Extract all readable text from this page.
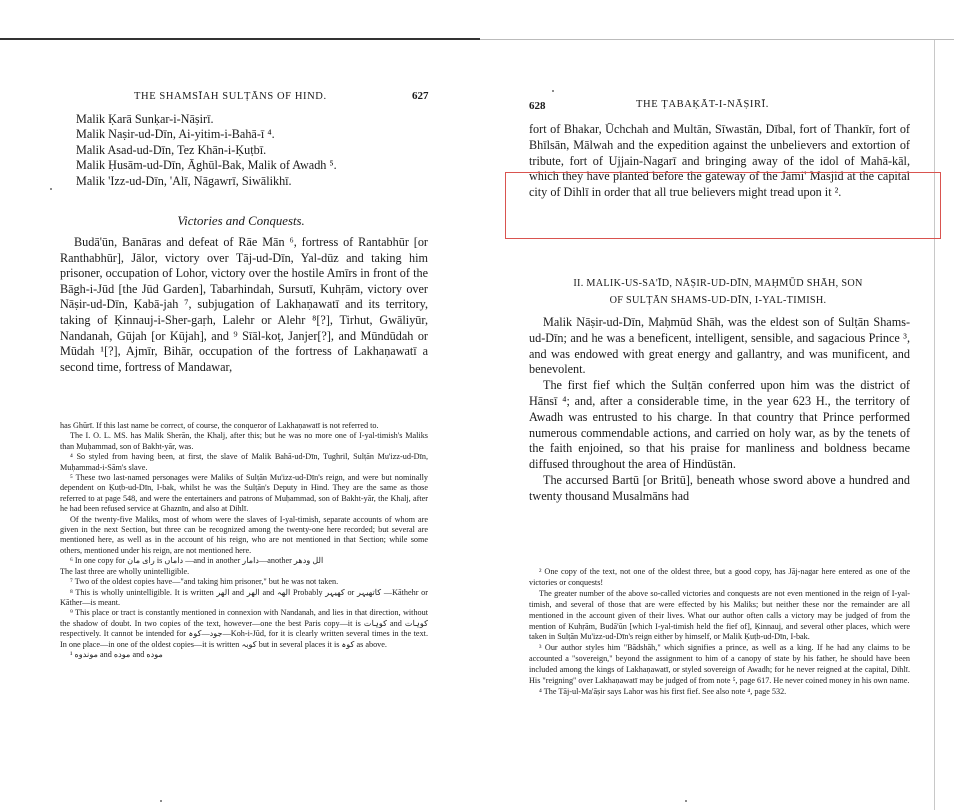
THE SHAMSĪAH SULṬĀNS OF HIND.	627
Malik Ḳarā Sunḳar-i-Nāṣirī.
Malik Naṣir-ud-Dīn, Ai-yitim-i-Bahā-ī ⁴.
Malik Asad-ud-Dīn, Tez Khān-i-Ḳuṭbī.
Malik Ḥusām-ud-Dīn, Āghūl-Bak, Malik of Awadh ⁵.
Malik 'Izz-ud-Dīn, 'Alī, Nāgawrī, Siwālikhī.
Victories and Conquests.

Budā'ūn, Banāras and defeat of Rāe Mān ⁶, fortress of Rantabhūr [or Ranthabhūr], Jālor, victory over Tāj-ud-Dīn, Yal-dūz and taking him prisoner, occupation of Lohor, victory over the hostile Amīrs in front of the Bāgh-i-Jūd [the Jūd Garden], Tabarhindah, Sursutī, Kuhṛām, victory over Nāṣir-ud-Dīn, Ḳabā-jah ⁷, subjugation of Lakhaṇawatī and its territory, taking of Ḳinnauj-i-Sher-gaṛh, Lalehr or Alehr ⁸[?], Tirhut, Gwāliyūr, Nandanah, Gūjah [or Kūjah], and ⁹ Sīāl-koṭ, Janjer[?], and Mūndūdah or Mūdah ¹[?], Ajmīr, Bihār, occupation of the fortress of Lakhaṇawatī a second time, fortress of Mandawar,

has Ghūrī. If this last name be correct, of course, the conqueror of Lakhaṇawatī is not referred to.

The I. O. L. MS. has Malik Sherān, the Khalj, after this; but he was no more one of I-yal-timish's Maliks than Muḥammad, son of Bakht-yār, was.

⁴ So styled from having been, at first, the slave of Malik Bahā-ud-Dīn, Tughril, Sulṭān Mu'izz-ud-Dīn, Muḥammad-i-Sām's slave.

⁵ These two last-named personages were Maliks of Sulṭān Mu'izz-ud-Dīn's reign, and were but nominally dependent on Ḳuṭb-ud-Dīn, I-bak, whilst he was the Sulṭān's Deputy in Hind. They are the same as those referred to at page 548, and were the entertainers and patrons of Muḥammad, son of Bakht-yār, the Khalj, after he had been refused service at Ghaznīn, and also at Dihlī.

Of the twenty-five Maliks, most of whom were the slaves of I-yal-timish, separate accounts of whom are given in the next Section, but three can be recognized among the twenty-one here recorded; but several are mentioned here, as well as in the account of his reign, who are not mentioned in that Section; while some others, mentioned under his reign, are not mentioned here.

⁶ In one copy for رای مان is داماں —and in another دامار—another الل ودهر

The last three are wholly unintelligible.

⁷ Two of the oldest copies have—"and taking him prisoner," but he was not taken.

⁸ This is wholly unintelligible. It is written الهر and الهر and الهہ Probably کھیہر or کاتھیہر —Kāthehr or Kāther—is meant.

⁹ This place or tract is constantly mentioned in connexion with Nandanah, and lies in that direction, without the shadow of doubt. In two copies of the text, however—one the best Paris copy—it is کوہات and کوہات respectively. It cannot be intended for جود—کوہ—Koh-i-Jūd, for it is clearly written several times in the text. In one place—in one of the oldest copies—it is written کوبہ but in several places it is کوہ as above.

¹ موندوه and موده and موده

628	THE ṬABAḲĀT-I-NĀṢIRĪ.

fort of Bhakar, Ūchchah and Multān, Sīwastān, Dībal, fort of Thankīr, fort of Bhīlsān, Mālwah and the expedition against the unbelievers and extortion of tribute, fort of Ujjain-Nagarī and bringing away of the idol of Mahā-kāl, which they have planted before the gateway of the Jāmi' Masjid at the capital city of Dihlī in order that all true believers might tread upon it ².

II. MALIK-US-SA'ĪD, NĀṢIR-UD-DĪN, MAḤMŪD SHĀH, SON
OF SULṬĀN SHAMS-UD-DĪN, I-YAL-TIMISH.

Malik Nāṣir-ud-Dīn, Maḥmūd Shāh, was the eldest son of Sulṭān Shams-ud-Dīn; and he was a beneficent, intelligent, sensible, and sagacious Prince ³, and was endowed with great energy and gallantry, and was munificent, and benevolent.

The first fief which the Sulṭān conferred upon him was the district of Hānsī ⁴; and, after a considerable time, in the year 623 H., the territory of Awadh was entrusted to his charge. In that country that Prince performed numerous commendable actions, and carried on holy war, as by the tenets of the faith enjoined, so that his praise for manliness and boldness became diffused throughout the area of Hindūstān.

The accursed Bartū [or Britū], beneath whose sword above a hundred and twenty thousand Musalmāns had

² One copy of the text, not one of the oldest three, but a good copy, has Jāj-nagar here entered as one of the victories or conquests!

The greater number of the above so-called victories and conquests are not even mentioned in the reign of I-yal-timish, and several of those that are were effected by his Maliks; but neither these nor the remainder are all mentioned in the account given of their lives. What our author often calls a victory may be judged of from the mention of Kuhṛām, Budā'ūn [which I-yal-timish held the fief of], Ḳinnauj, and several other places, which were taken in Sulṭān Mu'izz-ud-Dīn's reign either by himself, or Malik Ḳuṭb-ud-Dīn, I-bak.

³ Our author styles him "Bādshāh," which signifies a prince, as well as a king. If he had any claims to be accounted a "sovereign," beyond the assignment to him of a canopy of state by his father, he should have been included among the kings of Lakhaṇawatī, or styled sovereign of Awadh; for he never reigned at the capital, Dihlī. His "reigning" over Lakhaṇawatī may be judged of from note ⁵, page 617. He never coined money in his own name.

⁴ The Tāj-ul-Ma'āṣir says Lahor was his first fief. See also note ⁴, page 532.
